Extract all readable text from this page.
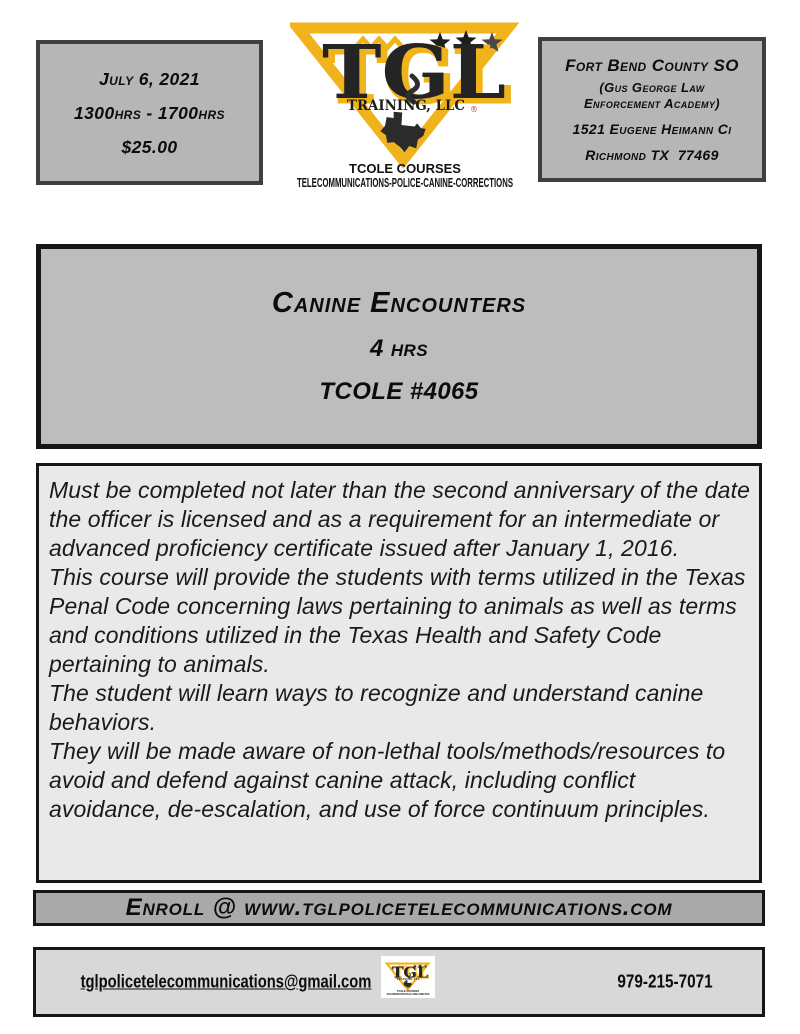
July 6, 2021
1300hrs - 1700hrs
$25.00
Fort Bend County SO
(Gus George Law
Enforcement Academy)
1521 Eugene Heimann Ci
Richmond TX  77469
Canine Encounters
4 hrs
TCOLE #4065

Must be completed not later than the second anniversary of the date the officer is licensed and as a requirement for an intermediate or advanced proficiency certificate issued after January 1, 2016.

This course will provide the students with terms utilized in the Texas Penal Code concerning laws pertaining to animals as well as terms and conditions utilized in the Texas Health and Safety Code pertaining to animals.

The student will learn ways to recognize and understand canine behaviors.

They will be made aware of non-lethal tools/methods/resources to avoid and defend against canine attack, including conflict avoidance, de-escalation, and use of force continuum principles.

Enroll @ www.tglpolicetelecommunications.com
tglpolicetelecommunications@gmail.com	979-215-7071
